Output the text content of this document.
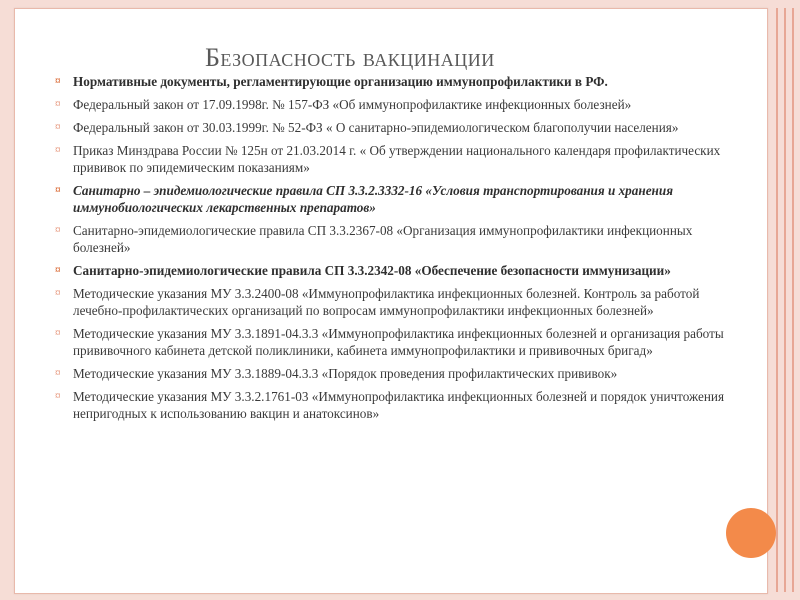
Безопасность вакцинации
¤ Нормативные документы, регламентирующие организацию иммунопрофилактики в РФ.
¤ Федеральный закон от 17.09.1998г. № 157-ФЗ «Об иммунопрофилактике инфекционных болезней»
¤ Федеральный закон от 30.03.1999г. № 52-ФЗ « О санитарно-эпидемиологическом благополучии населения»
¤ Приказ Минздрава России № 125н от 21.03.2014 г. « Об утверждении национального календаря профилактических прививок по эпидемическим показаниям»
¤ Санитарно – эпидемиологические правила СП 3.3.2.3332-16 «Условия транспортирования и хранения иммунобиологических лекарственных препаратов»
¤ Санитарно-эпидемиологические правила СП 3.3.2367-08 «Организация иммунопрофилактики инфекционных болезней»
¤ Санитарно-эпидемиологические правила СП 3.3.2342-08 «Обеспечение безопасности иммунизации»
¤ Методические указания МУ 3.3.2400-08 «Иммунопрофилактика инфекционных болезней. Контроль за работой лечебно-профилактических организаций по вопросам иммунопрофилактики инфекционных болезней»
¤ Методические указания МУ 3.3.1891-04.3.3 «Иммунопрофилактика инфекционных болезней и организация работы прививочного кабинета детской поликлиники, кабинета иммунопрофилактики и прививочных бригад»
¤ Методические указания МУ 3.3.1889-04.3.3 «Порядок проведения профилактических прививок»
¤ Методические указания МУ 3.3.2.1761-03 «Иммунопрофилактика инфекционных болезней и порядок уничтожения непригодных к использованию вакцин и анатоксинов»
